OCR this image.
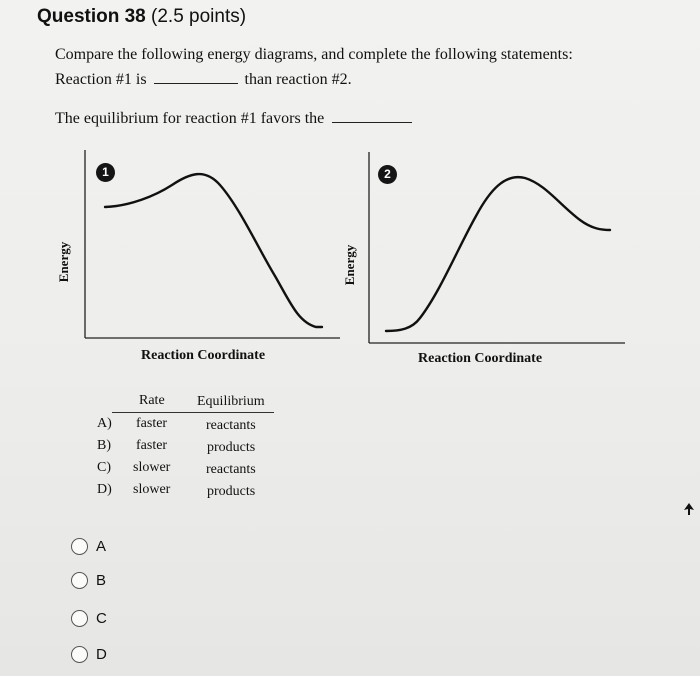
Question 38 (2.5 points)
Compare the following energy diagrams, and complete the following statements:
Reaction #1 is	than reaction #2.
The equilibrium for reaction #1 favors the
1
Energy
Reaction Coordinate
2
Energy
Reaction Coordinate
Rate Equilibrium
A) faster	reactants
B) faster	products
C) slower	reactants
D) slower	products
A
B
C
D
